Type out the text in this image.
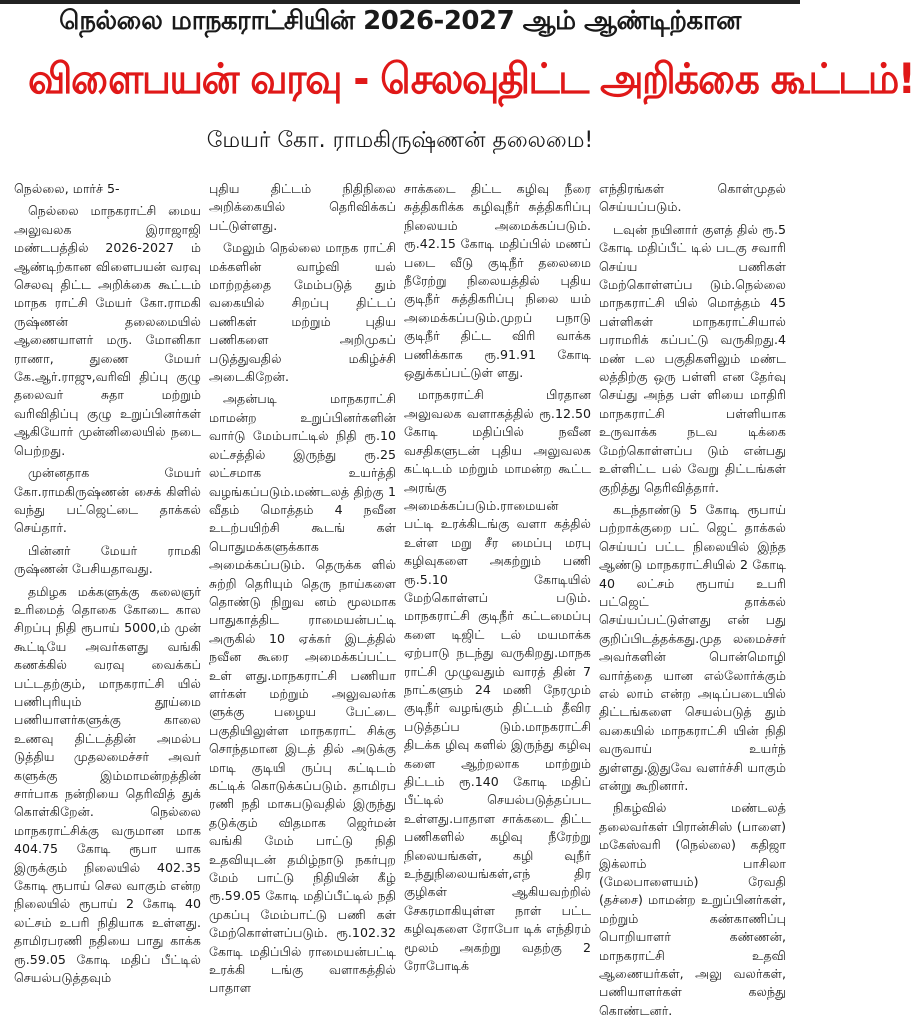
நெல்லை மாநகராட்சியின் 2026-2027 ஆம் ஆண்டிற்கான
விளைபயன் வரவு - செலவுதிட்ட அறிக்கை கூட்டம்!
மேயர் கோ. ராமகிருஷ்ணன் தலைமை!

நெல்லை, மார்ச் 5-

நெல்லை மாநகராட்சி மைய அலுவலக இராஜாஜி மண்டபத்தில் 2026-2027 ம் ஆண்டிற்கான விளைபயன் வரவு செலவு திட்ட அறிக்கை கூட்டம் மாநக ராட்சி மேயர் கோ.ராமகி ருஷ்ணன் தலைமையில் ஆணையாளர் மரு. மோனிகா ராணா, துணை மேயர் கே.ஆர்.ராஜு,வரிவி திப்பு குழு தலைவர் சுதா மற்றும் வரிவிதிப்பு குழு உறுப்பினர்கள் ஆகியோர் முன்னிலையில் நடை பெற்றது.

முன்னதாக மேயர் கோ.ராமகிருஷ்ணன் சைக் கிளில் வந்து பட்ஜெட்டை தாக்கல் செய்தார்.

பின்னர் மேயர் ராமகி ருஷ்ணன் பேசியதாவது.

தமிழக மக்களுக்கு கலைஞர் உரிமைத் தொகை கோடை கால சிறப்பு நிதி ரூபாய் 5000,ம் முன் கூட்டியே அவர்களது வங்கி கணக்கில் வரவு வைக்கப் பட்டதற்கும், மாநகராட்சி யில் பணிபுரியும் தூய்மை பணியாளர்களுக்கு காலை உணவு திட்டத்தின் அமல்ப டுத்திய முதலமைச்சர் அவர் களுக்கு இம்மாமன்றத்தின் சார்பாக நன்றியை தெரிவித் துக் கொள்கிறேன். நெல்லை மாநகராட்சிக்கு வருமான மாக 404.75 கோடி ரூபா யாக இருக்கும் நிலையில் 402.35 கோடி ரூபாய் செல வாகும் என்ற நிலையில் ரூபாய் 2 கோடி 40 லட்சம் உபரி நிதியாக உள்ளது. தாமிரபரணி நதியை பாது காக்க ரூ.59.05 கோடி மதிப் பீட்டில் செயல்படுத்தவும்

புதிய திட்டம் நிதிநிலை அறிக்கையில் தெரிவிக்கப் பட்டுள்ளது.

மேலும் நெல்லை மாநக ராட்சி மக்களின் வாழ்வி யல் மாற்றத்தை மேம்படுத் தும் வகையில் சிறப்பு திட்டப் பணிகள் மற்றும் புதிய பணிகளை அறிமுகப் படுத்துவதில் மகிழ்ச்சி அடைகிறேன்.

அதன்படி மாநகராட்சி மாமன்ற உறுப்பினர்களின் வார்டு மேம்பாட்டில் நிதி ரூ.10 லட்சத்தில் இருந்து ரூ.25 லட்சமாக உயர்த்தி வழங்கப்படும்.மண்டலத் திற்கு 1 வீதம் மொத்தம் 4 நவீன உடற்பயிற்சி கூடங் கள் பொதுமக்களுக்காக அமைக்கப்படும். தெருக்க ளில் சுற்றி தெரியும் தெரு நாய்களை தொண்டு நிறுவ னம் மூலமாக பாதுகாத்திட ராமையன்பட்டி அருகில் 10 ஏக்கர் இடத்தில் நவீன கூரை அமைக்கப்பட்ட உள் ளது.மாநகராட்சி பணியா ளர்கள் மற்றும் அலுவலர்க ளுக்கு பழைய பேட்டை பகுதியிலுள்ள மாநகராட் சிக்கு சொந்தமான இடத் தில் அடுக்கு மாடி குடியி ருப்பு கட்டிடம் கட்டிக் கொடுக்கப்படும். தாமிரப ரணி நதி மாசுபடுவதில் இருந்து தடுக்கும் விதமாக ஜெர்மன் வங்கி மேம் பாட்டு நிதி உதவியுடன் தமிழ்நாடு நகர்புற மேம் பாட்டு நிதியின் கீழ் ரூ.59.05 கோடி மதிப்பீட்டில் நதி முகப்பு மேம்பாட்டு பணி கள் மேற்கொள்ளப்படும். ரூ.102.32 கோடி மதிப்பில் ராமையன்பட்டி உரக்கி டங்கு வளாகத்தில் பாதாள

சாக்கடை திட்ட கழிவு நீரை சுத்திகரிக்க கழிவுநீர் சுத்திகரிப்பு நிலையம் அமைக்கப்படும். ரூ.42.15 கோடி மதிப்பில் மணப் படை வீடு குடிநீர் தலைமை நீரேற்று நிலையத்தில் புதிய குடிநீர் சுத்திகரிப்பு நிலை யம் அமைக்கப்படும்.முறப் பநாடு குடிநீர் திட்ட விரி வாக்க பணிக்காக ரூ.91.91 கோடி ஒதுக்கப்பட்டுள் ளது.

மாநகராட்சி பிரதான அலுவலக வளாகத்தில் ரூ.12.50 கோடி மதிப்பில் நவீன வசதிகளுடன் புதிய அலுவலக கட்டிடம் மற்றும் மாமன்ற கூட்ட அரங்கு அமைக்கப்படும்.ராமையன் பட்டி உரக்கிடங்கு வளா கத்தில் உள்ள மறு சீர மைப்பு மரபு கழிவுகளை அகற்றும் பணி ரூ.5.10 கோடியில் மேற்கொள்ளப் படும். மாநகராட்சி குடிநீர் கட்டமைப்பு களை டிஜிட் டல் மயமாக்க ஏற்பாடு நடந்து வருகிறது.மாநக ராட்சி முழுவதும் வாரத் தின் 7 நாட்களும் 24 மணி நேரமும் குடிநீர் வழங்கும் திட்டம் தீவிர படுத்தப்ப டும்.மாநகராட்சி திடக்க ழிவு களில் இருந்து கழிவு களை ஆற்றலாக மாற்றும் திட்டம் ரூ.140 கோடி மதிப் பீட்டில் செயல்படுத்தப்பட உள்ளது.பாதாள சாக்கடை திட்ட பணிகளில் கழிவு நீரேற்று நிலையங்கள், கழி வுநீர் உந்துநிலையங்கள்,எந் திர குழிகள் ஆகியவற்றில் சேகரமாகியுள்ள நாள் பட்ட கழிவுகளை ரோபோ டிக் எந்திரம் மூலம் அகற்று வதற்கு 2 ரோபோடிக்

எந்திரங்கள் கொள்முதல் செய்யப்படும்.

டவுன் நயினார் குளத் தில் ரூ.5 கோடி மதிப்பீட் டில் படகு சவாரி செய்ய பணிகள் மேற்கொள்ளப்ப டும்.நெல்லை மாநகராட்சி யில் மொத்தம் 45 பள்ளிகள் மாநகராட்சியால் பராமரிக் கப்பட்டு வருகிறது.4 மண் டல பகுதிகளிலும் மண்ட லத்திற்கு ஒரு பள்ளி என தேர்வு செய்து அந்த பள் ளியை மாதிரி மாநகராட்சி பள்ளியாக உருவாக்க நடவ டிக்கை மேற்கொள்ளப்ப டும் என்பது உள்ளிட்ட பல் வேறு திட்டங்கள் குறித்து தெரிவித்தார்.

கடந்தாண்டு 5 கோடி ரூபாய் பற்றாக்குறை பட் ஜெட் தாக்கல் செய்யப் பட்ட நிலையில் இந்த ஆண்டு மாநகராட்சியில் 2 கோடி 40 லட்சம் ரூபாய் உபரி பட்ஜெட் தாக்கல் செய்யப்பட்டுள்ளது என் பது குறிப்பிடத்தக்கது.முத லமைச்சர் அவர்களின் பொன்மொழி வார்த்தை யான எல்லோர்க்கும் எல் லாம் என்ற அடிப்படையில் திட்டங்களை செயல்படுத் தும் வகையில் மாநகராட்சி யின் நிதி வருவாய் உயர்ந் துள்ளது.இதுவே வளர்ச்சி யாகும் என்று கூறினார்.

நிகழ்வில் மண்டலத் தலைவர்கள் பிரான்சிஸ் (பாளை) மகேஸ்வரி (நெல்லை) கதிஜா இக்லாம் பாசிலா (மேலபாளையம்) ரேவதி (தச்சை) மாமன்ற உறுப்பினர்கள், மற்றும் கண்காணிப்பு பொறியாளர் கண்ணன், மாநகராட்சி உதவி ஆணையர்கள், அலு வலர்கள், பணியாளர்கள் கலந்து கொண்டனர்.
